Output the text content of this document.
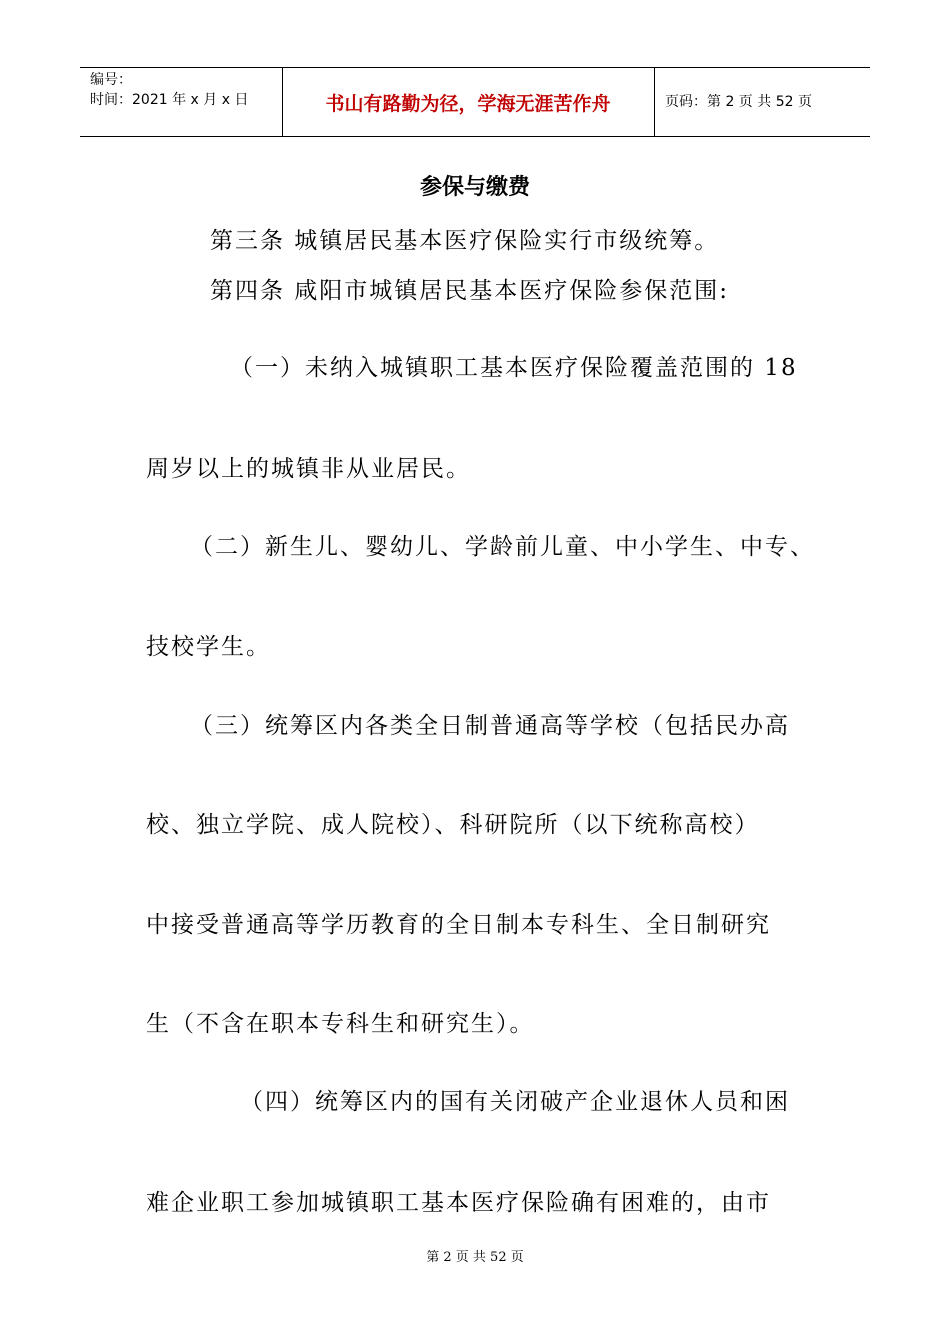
编号：
时间：2021 年 x 月 x 日	书山有路勤为径，学海无涯苦作舟	页码：第 2 页 共 52 页
参保与缴费
第三条 城镇居民基本医疗保险实行市级统筹。
第四条 咸阳市城镇居民基本医疗保险参保范围:
（一）未纳入城镇职工基本医疗保险覆盖范围的 18
周岁以上的城镇非从业居民。
（二）新生儿、婴幼儿、学龄前儿童、中小学生、中专、
技校学生。
（三）统筹区内各类全日制普通高等学校（包括民办高
校、独立学院、成人院校）、科研院所（以下统称高校）
中接受普通高等学历教育的全日制本专科生、全日制研究
生（不含在职本专科生和研究生）。
（四）统筹区内的国有关闭破产企业退休人员和困
难企业职工参加城镇职工基本医疗保险确有困难的，由市
第 2 页 共 52 页
